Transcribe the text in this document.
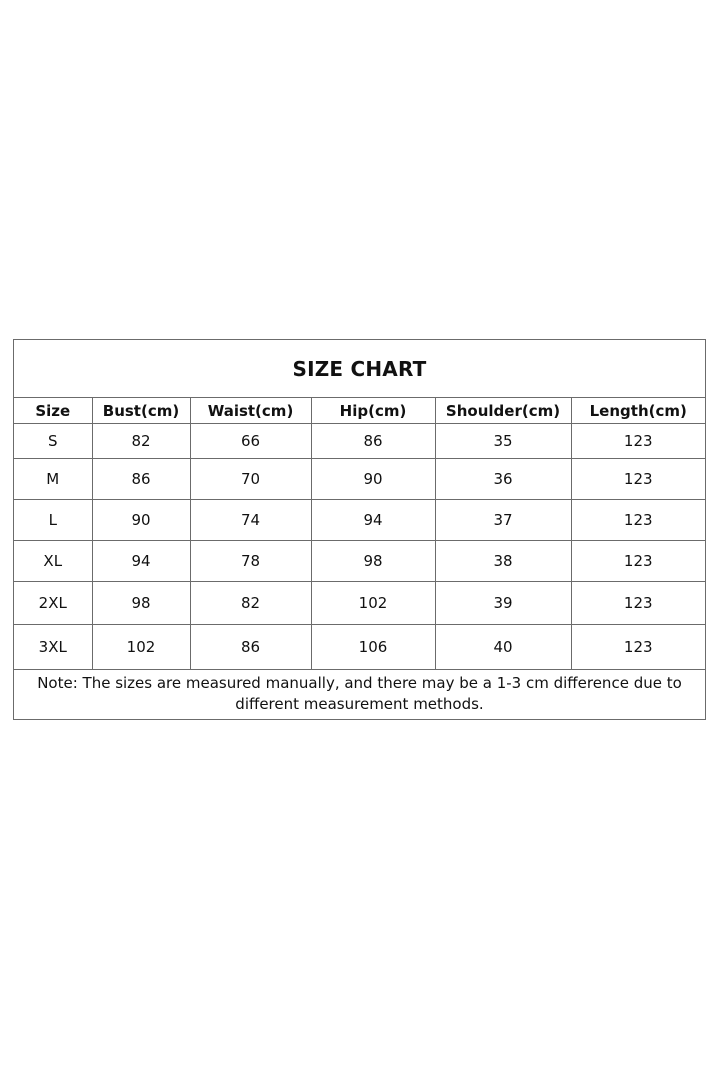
SIZE CHART
Size	Bust(cm)	Waist(cm)	Hip(cm)	Shoulder(cm)	Length(cm)
S	82	66	86	35	123
M	86	70	90	36	123
L	90	74	94	37	123
XL	94	78	98	38	123
2XL	98	82	102	39	123
3XL	102	86	106	40	123
Note: The sizes are measured manually, and there may be a 1-3 cm difference due to different measurement methods.
